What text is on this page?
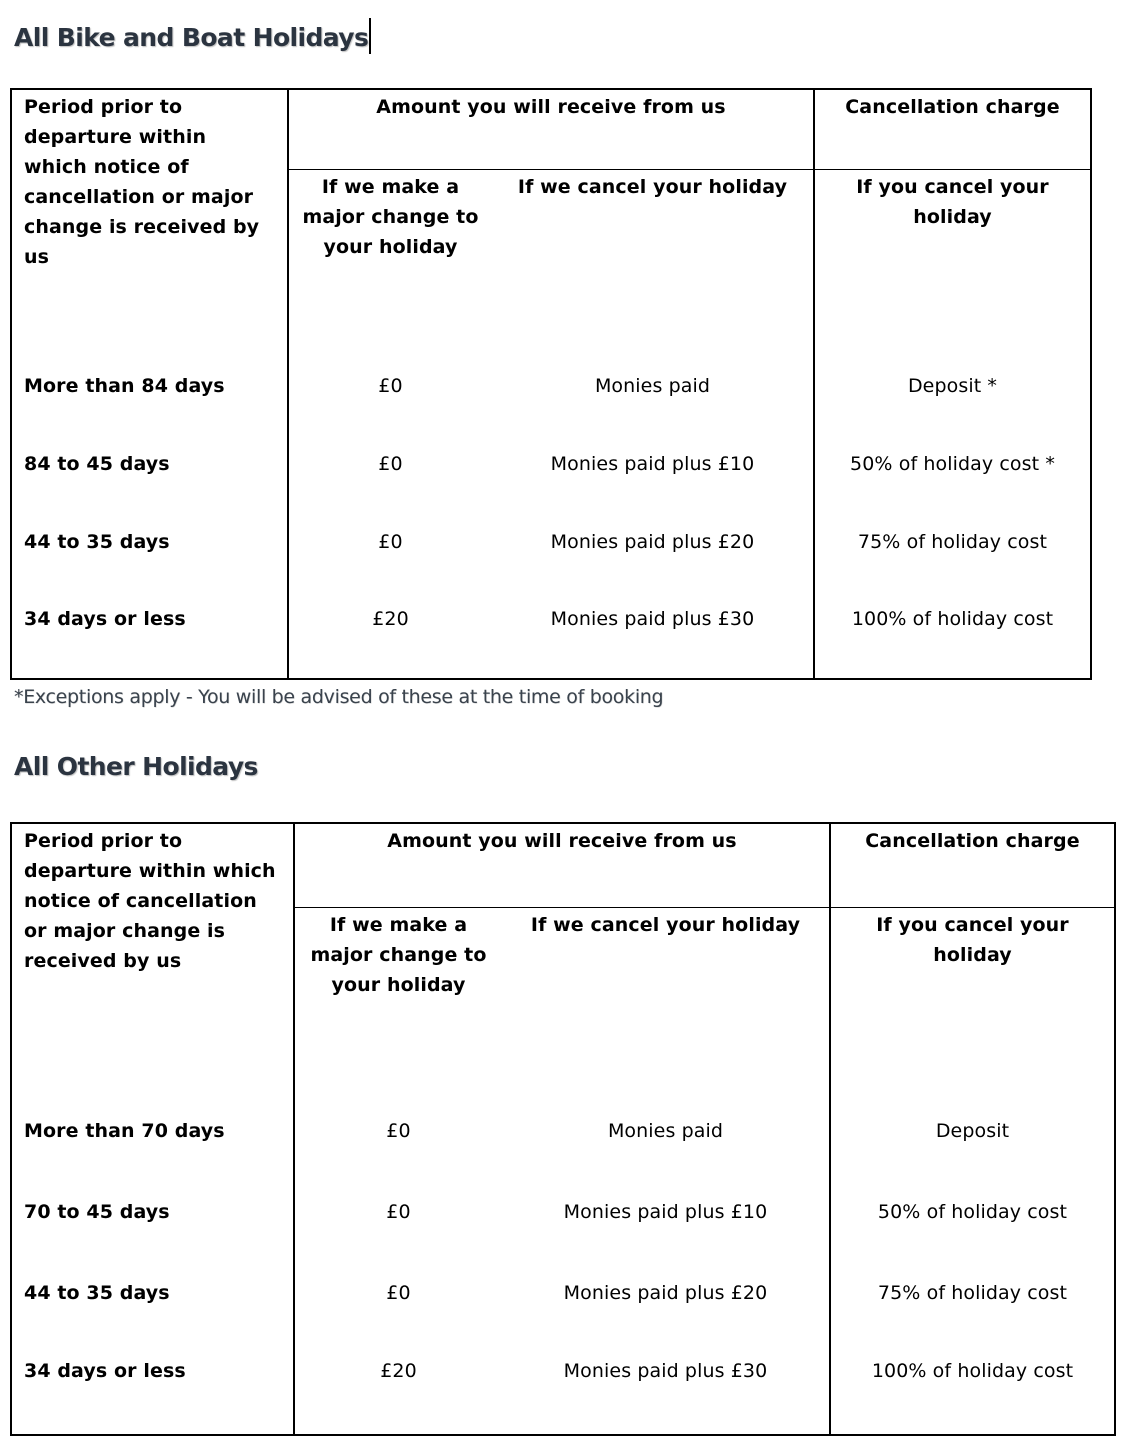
All Bike and Boat Holidays
Period prior to departure within which notice of cancellation or major change is received by us	Amount you will receive from us		Cancellation charge
	If we make a major change to your holiday	If we cancel your holiday	If you cancel your holiday
More than 84 days	£0	Monies paid	Deposit *
84 to 45 days	£0	Monies paid plus £10	50% of holiday cost *
44 to 35 days	£0	Monies paid plus £20	75% of holiday cost
34 days or less	£20	Monies paid plus £30	100% of holiday cost

*Exceptions apply - You will be advised of these at the time of booking

All Other Holidays
Period prior to departure within which notice of cancellation or major change is received by us	Amount you will receive from us		Cancellation charge
	If we make a major change to your holiday	If we cancel your holiday	If you cancel your holiday
More than 70 days	£0	Monies paid	Deposit
70 to 45 days	£0	Monies paid plus £10	50% of holiday cost
44 to 35 days	£0	Monies paid plus £20	75% of holiday cost
34 days or less	£20	Monies paid plus £30	100% of holiday cost
